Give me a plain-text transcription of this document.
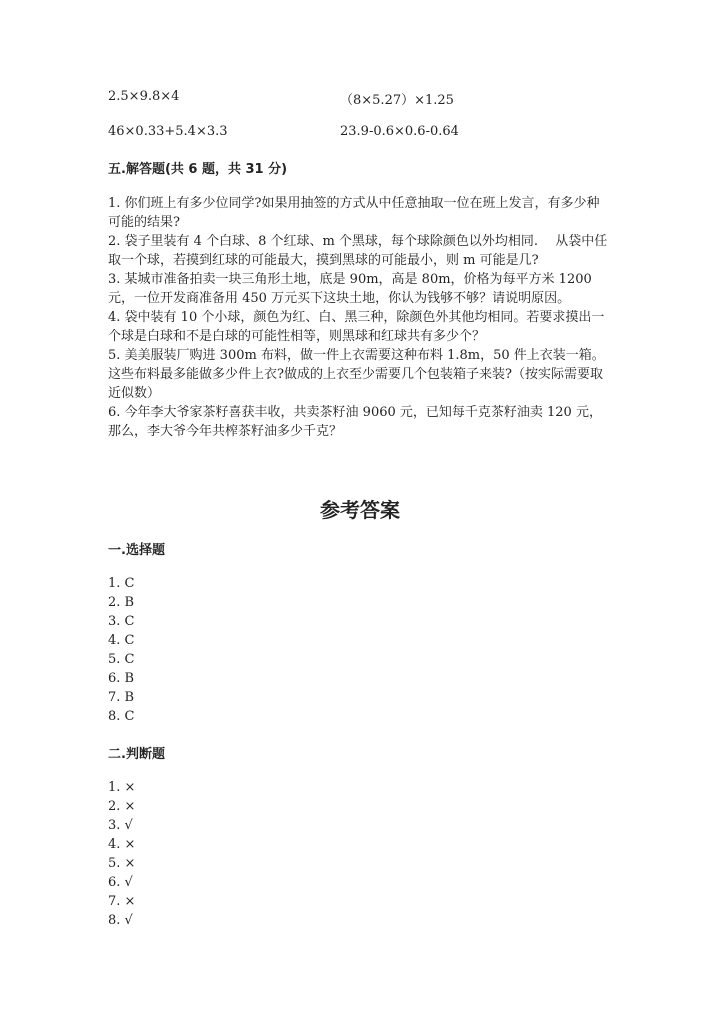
2.5×9.8×4	（8×5.27）×1.25
46×0.33+5.4×3.3	23.9-0.6×0.6-0.64
五.解答题(共 6 题，共 31 分)

1. 你们班上有多少位同学?如果用抽签的方式从中任意抽取一位在班上发言，有多少种可能的结果?

2. 袋子里装有 4 个白球、8 个红球、m 个黑球，每个球除颜色以外均相同.　 从袋中任取一个球，若摸到红球的可能最大，摸到黑球的可能最小，则 m 可能是几?

3. 某城市准备拍卖一块三角形土地，底是 90m，高是 80m，价格为每平方米 1200 元，一位开发商准备用 450 万元买下这块土地，你认为钱够不够？请说明原因。

4. 袋中装有 10 个小球，颜色为红、白、黑三种，除颜色外其他均相同。若要求摸出一个球是白球和不是白球的可能性相等，则黑球和红球共有多少个？

5. 美美服装厂购进 300m 布料，做一件上衣需要这种布料 1.8m，50 件上衣装一箱。这些布料最多能做多少件上衣?做成的上衣至少需要几个包装箱子来装?（按实际需要取近似数）

6. 今年李大爷家茶籽喜获丰收，共卖茶籽油 9060 元，已知每千克茶籽油卖 120 元，那么，李大爷今年共榨茶籽油多少千克？

参考答案
一.选择题
1. C
2. B
3. C
4. C
5. C
6. B
7. B
8. C
二.判断题
1. ×
2. ×
3. √
4. ×
5. ×
6. √
7. ×
8. √
